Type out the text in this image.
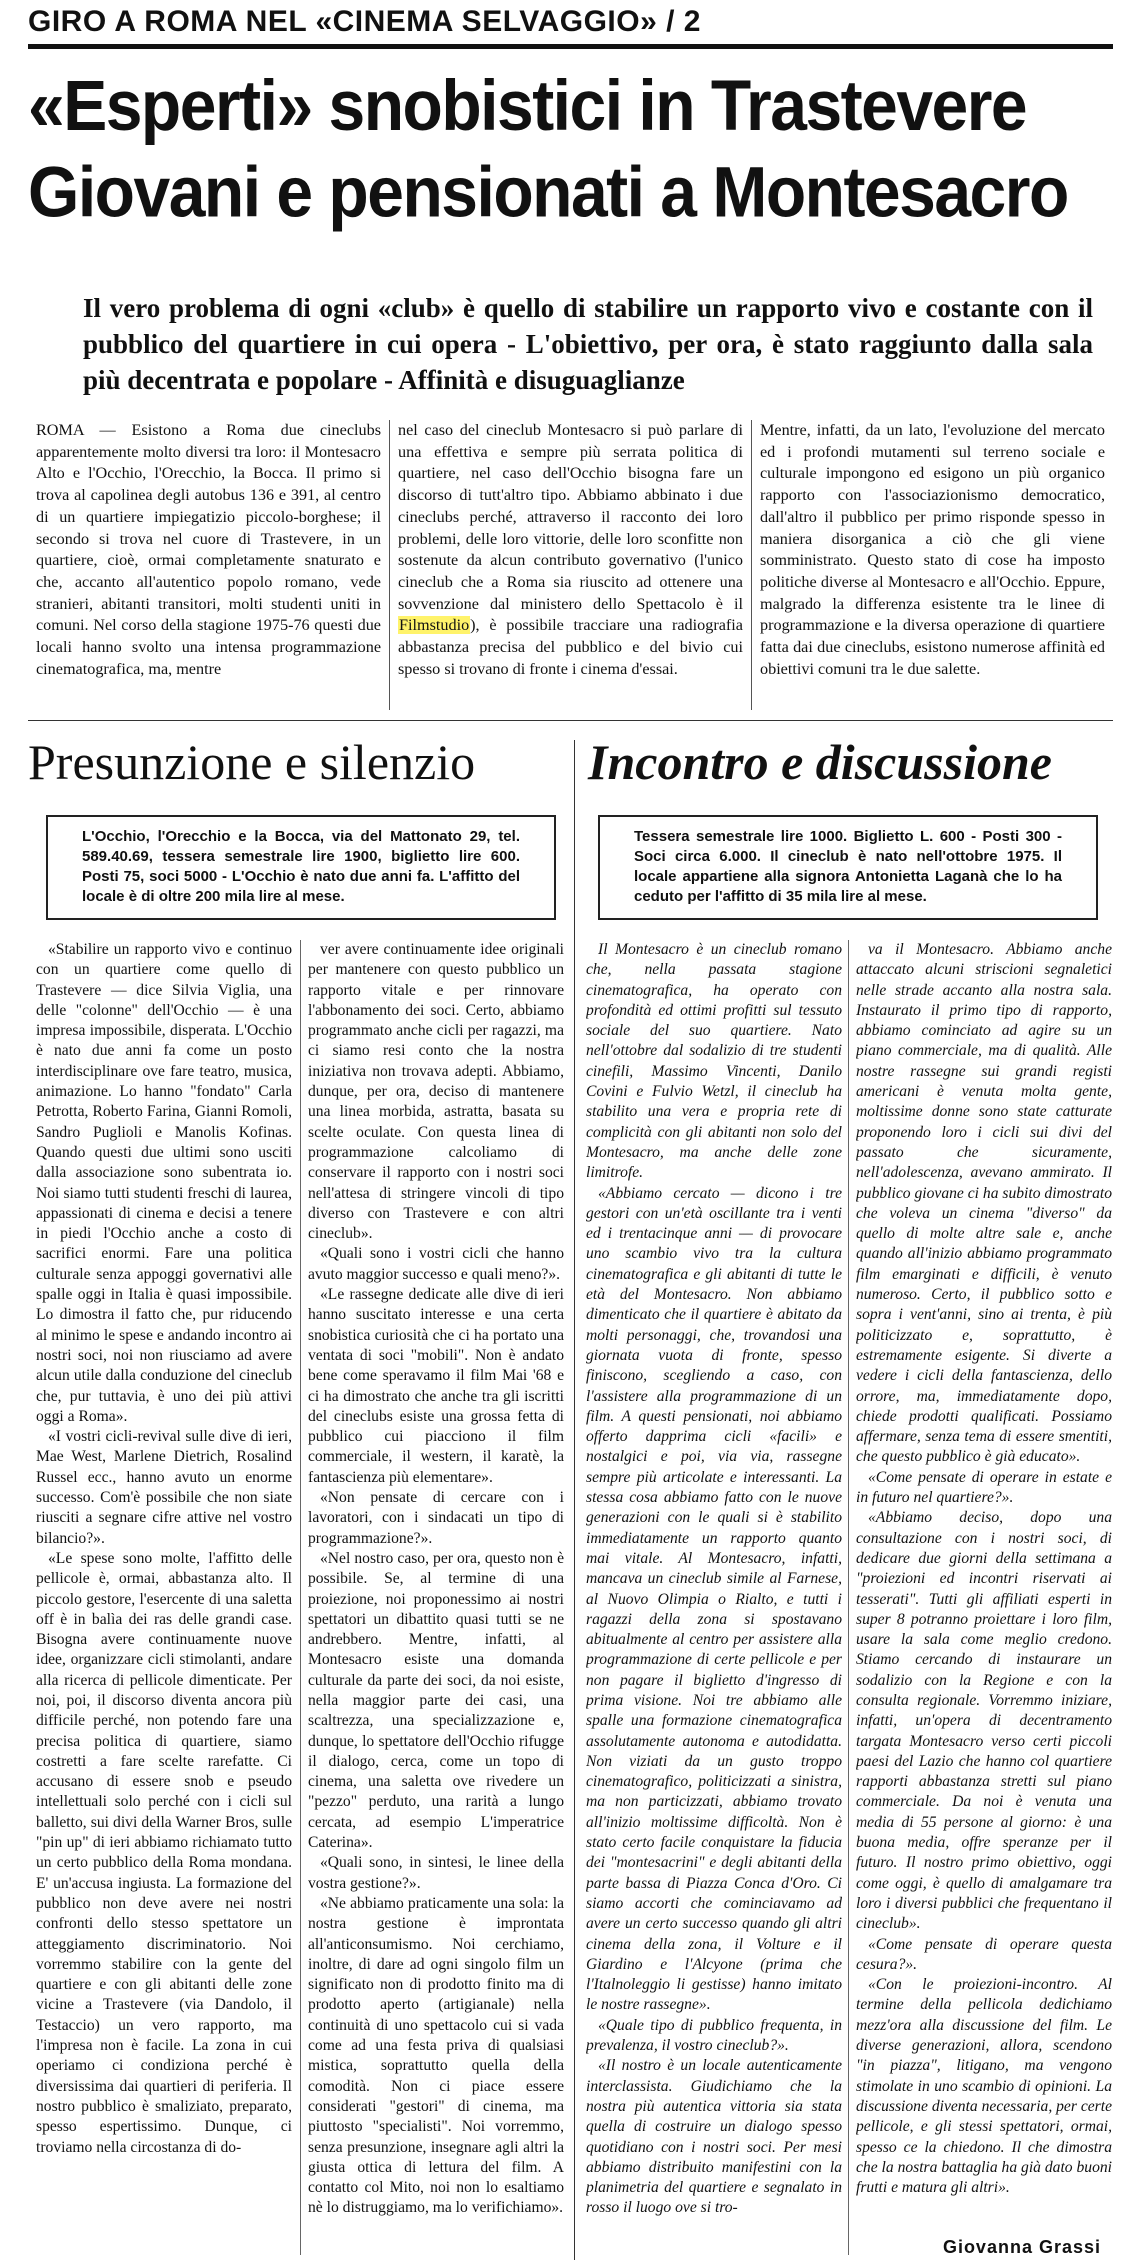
GIRO A ROMA NEL «CINEMA SELVAGGIO» / 2
«Esperti» snobistici in Trastevere
Giovani e pensionati a Montesacro
Il vero problema di ogni «club» è quello di stabilire un rapporto vivo e costante con il pubblico del quartiere in cui opera - L'obiettivo, per ora, è stato raggiunto dalla sala più decentrata e popolare - Affinità e disuguaglianze
ROMA — Esistono a Roma due cineclubs apparentemente molto diversi tra loro: il Montesacro Alto e l'Occhio, l'Orecchio, la Bocca. Il primo si trova al capolinea degli autobus 136 e 391, al centro di un quartiere impiegatizio piccolo-borghese; il secondo si trova nel cuore di Trastevere, in un quartiere, cioè, ormai completamente snaturato e che, accanto all'autentico popolo romano, vede stranieri, abitanti transitori, molti studenti uniti in comuni. Nel corso della stagione 1975-76 questi due locali hanno svolto una intensa programmazione cinematografica, ma, mentre
nel caso del cineclub Montesacro si può parlare di una effettiva e sempre più serrata politica di quartiere, nel caso dell'Occhio bisogna fare un discorso di tutt'altro tipo. Abbiamo abbinato i due cineclubs perché, attraverso il racconto dei loro problemi, delle loro vittorie, delle loro sconfitte non sostenute da alcun contributo governativo (l'unico cineclub che a Roma sia riuscito ad ottenere una sovvenzione dal ministero dello Spettacolo è il Filmstudio), è possibile tracciare una radiografia abbastanza precisa del pubblico e del bivio cui spesso si trovano di fronte i cinema d'essai.
Mentre, infatti, da un lato, l'evoluzione del mercato ed i profondi mutamenti sul terreno sociale e culturale impongono ed esigono un più organico rapporto con l'associazionismo democratico, dall'altro il pubblico per primo risponde spesso in maniera disorganica a ciò che gli viene somministrato. Questo stato di cose ha imposto politiche diverse al Montesacro e all'Occhio. Eppure, malgrado la differenza esistente tra le linee di programmazione e la diversa operazione di quartiere fatta dai due cineclubs, esistono numerose affinità ed obiettivi comuni tra le due salette.
Presunzione e silenzio Incontro e discussione
L'Occhio, l'Orecchio e la Bocca, via del Mattonato 29, tel. 589.40.69, tessera semestrale lire 1900, biglietto lire 600. Posti 75, soci 5000 - L'Occhio è nato due anni fa. L'affitto del locale è di oltre 200 mila lire al mese.
Tessera semestrale lire 1000. Biglietto L. 600 - Posti 300 - Soci circa 6.000. Il cineclub è nato nell'ottobre 1975. Il locale appartiene alla signora Antonietta Laganà che lo ha ceduto per l'affitto di 35 mila lire al mese.

«Stabilire un rapporto vivo e continuo con un quartiere come quello di Trastevere — dice Silvia Viglia, una delle "colonne" dell'Occhio — è una impresa impossibile, disperata. L'Occhio è nato due anni fa come un posto interdisciplinare ove fare teatro, musica, animazione. Lo hanno "fondato" Carla Petrotta, Roberto Farina, Gianni Romoli, Sandro Puglioli e Manolis Kofinas. Quando questi due ultimi sono usciti dalla associazione sono subentrata io. Noi siamo tutti studenti freschi di laurea, appassionati di cinema e decisi a tenere in piedi l'Occhio anche a costo di sacrifici enormi. Fare una politica culturale senza appoggi governativi alle spalle oggi in Italia è quasi impossibile. Lo dimostra il fatto che, pur riducendo al minimo le spese e andando incontro ai nostri soci, noi non riusciamo ad avere alcun utile dalla conduzione del cineclub che, pur tuttavia, è uno dei più attivi oggi a Roma».

«I vostri cicli-revival sulle dive di ieri, Mae West, Marlene Dietrich, Rosalind Russel ecc., hanno avuto un enorme successo. Com'è possibile che non siate riusciti a segnare cifre attive nel vostro bilancio?».

«Le spese sono molte, l'affitto delle pellicole è, ormai, abbastanza alto. Il piccolo gestore, l'esercente di una saletta off è in balìa dei ras delle grandi case. Bisogna avere continuamente nuove idee, organizzare cicli stimolanti, andare alla ricerca di pellicole dimenticate. Per noi, poi, il discorso diventa ancora più difficile perché, non potendo fare una precisa politica di quartiere, siamo costretti a fare scelte rarefatte. Ci accusano di essere snob e pseudo intellettuali solo perché con i cicli sul balletto, sui divi della Warner Bros, sulle "pin up" di ieri abbiamo richiamato tutto un certo pubblico della Roma mondana. E' un'accusa ingiusta. La formazione del pubblico non deve avere nei nostri confronti dello stesso spettatore un atteggiamento discriminatorio. Noi vorremmo stabilire con la gente del quartiere e con gli abitanti delle zone vicine a Trastevere (via Dandolo, il Testaccio) un vero rapporto, ma l'impresa non è facile. La zona in cui operiamo ci condiziona perché è diversissima dai quartieri di periferia. Il nostro pubblico è smaliziato, preparato, spesso espertissimo. Dunque, ci troviamo nella circostanza di do-

ver avere continuamente idee originali per mantenere con questo pubblico un rapporto vitale e per rinnovare l'abbonamento dei soci. Certo, abbiamo programmato anche cicli per ragazzi, ma ci siamo resi conto che la nostra iniziativa non trovava adepti. Abbiamo, dunque, per ora, deciso di mantenere una linea morbida, astratta, basata su scelte oculate. Con questa linea di programmazione calcoliamo di conservare il rapporto con i nostri soci nell'attesa di stringere vincoli di tipo diverso con Trastevere e con altri cineclub».

«Quali sono i vostri cicli che hanno avuto maggior successo e quali meno?».

«Le rassegne dedicate alle dive di ieri hanno suscitato interesse e una certa snobistica curiosità che ci ha portato una ventata di soci "mobili". Non è andato bene come speravamo il film Mai '68 e ci ha dimostrato che anche tra gli iscritti del cineclubs esiste una grossa fetta di pubblico cui piacciono il film commerciale, il western, il karatè, la fantascienza più elementare».

«Non pensate di cercare con i lavoratori, con i sindacati un tipo di programmazione?».

«Nel nostro caso, per ora, questo non è possibile. Se, al termine di una proiezione, noi proponessimo ai nostri spettatori un dibattito quasi tutti se ne andrebbero. Mentre, infatti, al Montesacro esiste una domanda culturale da parte dei soci, da noi esiste, nella maggior parte dei casi, una scaltrezza, una specializzazione e, dunque, lo spettatore dell'Occhio rifugge il dialogo, cerca, come un topo di cinema, una saletta ove rivedere un "pezzo" perduto, una rarità a lungo cercata, ad esempio L'imperatrice Caterina».

«Quali sono, in sintesi, le linee della vostra gestione?».

«Ne abbiamo praticamente una sola: la nostra gestione è improntata all'anticonsumismo. Noi cerchiamo, inoltre, di dare ad ogni singolo film un significato non di prodotto finito ma di prodotto aperto (artigianale) nella continuità di uno spettacolo cui si vada come ad una festa priva di qualsiasi mistica, soprattutto quella della comodità. Non ci piace essere considerati "gestori" di cinema, ma piuttosto "specialisti". Noi vorremmo, senza presunzione, insegnare agli altri la giusta ottica di lettura del film. A contatto col Mito, noi non lo esaltiamo nè lo distruggiamo, ma lo verifichiamo».

Il Montesacro è un cineclub romano che, nella passata stagione cinematografica, ha operato con profondità ed ottimi profitti sul tessuto sociale del suo quartiere. Nato nell'ottobre dal sodalizio di tre studenti cinefili, Massimo Vincenti, Danilo Covini e Fulvio Wetzl, il cineclub ha stabilito una vera e propria rete di complicità con gli abitanti non solo del Montesacro, ma anche delle zone limitrofe.

«Abbiamo cercato — dicono i tre gestori con un'età oscillante tra i venti ed i trentacinque anni — di provocare uno scambio vivo tra la cultura cinematografica e gli abitanti di tutte le età del Montesacro. Non abbiamo dimenticato che il quartiere è abitato da molti personaggi, che, trovandosi una giornata vuota di fronte, spesso finiscono, scegliendo a caso, con l'assistere alla programmazione di un film. A questi pensionati, noi abbiamo offerto dapprima cicli «facili» e nostalgici e poi, via via, rassegne sempre più articolate e interessanti. La stessa cosa abbiamo fatto con le nuove generazioni con le quali si è stabilito immediatamente un rapporto quanto mai vitale. Al Montesacro, infatti, mancava un cineclub simile al Farnese, al Nuovo Olimpia o Rialto, e tutti i ragazzi della zona si spostavano abitualmente al centro per assistere alla programmazione di certe pellicole e per non pagare il biglietto d'ingresso di prima visione. Noi tre abbiamo alle spalle una formazione cinematografica assolutamente autonoma e autodidatta. Non viziati da un gusto troppo cinematografico, politicizzati a sinistra, ma non particizzati, abbiamo trovato all'inizio moltissime difficoltà. Non è stato certo facile conquistare la fiducia dei "montesacrini" e degli abitanti della parte bassa di Piazza Conca d'Oro. Ci siamo accorti che cominciavamo ad avere un certo successo quando gli altri cinema della zona, il Volture e il Giardino e l'Alcyone (prima che l'Italnoleggio li gestisse) hanno imitato le nostre rassegne».

«Quale tipo di pubblico frequenta, in prevalenza, il vostro cineclub?».

«Il nostro è un locale autenticamente interclassista. Giudichiamo che la nostra più autentica vittoria sia stata quella di costruire un dialogo spesso quotidiano con i nostri soci. Per mesi abbiamo distribuito manifestini con la planimetria del quartiere e segnalato in rosso il luogo ove si tro-

va il Montesacro. Abbiamo anche attaccato alcuni striscioni segnaletici nelle strade accanto alla nostra sala. Instaurato il primo tipo di rapporto, abbiamo cominciato ad agire su un piano commerciale, ma di qualità. Alle nostre rassegne sui grandi registi americani è venuta molta gente, moltissime donne sono state catturate proponendo loro i cicli sui divi del passato che sicuramente, nell'adolescenza, avevano ammirato. Il pubblico giovane ci ha subito dimostrato che voleva un cinema "diverso" da quello di molte altre sale e, anche quando all'inizio abbiamo programmato film emarginati e difficili, è venuto numeroso. Certo, il pubblico sotto e sopra i vent'anni, sino ai trenta, è più politicizzato e, soprattutto, è estremamente esigente. Si diverte a vedere i cicli della fantascienza, dello orrore, ma, immediatamente dopo, chiede prodotti qualificati. Possiamo affermare, senza tema di essere smentiti, che questo pubblico è già educato».

«Come pensate di operare in estate e in futuro nel quartiere?».

«Abbiamo deciso, dopo una consultazione con i nostri soci, di dedicare due giorni della settimana a "proiezioni ed incontri riservati ai tesserati". Tutti gli affiliati esperti in super 8 potranno proiettare i loro film, usare la sala come meglio credono. Stiamo cercando di instaurare un sodalizio con la Regione e con la consulta regionale. Vorremmo iniziare, infatti, un'opera di decentramento targata Montesacro verso certi piccoli paesi del Lazio che hanno col quartiere rapporti abbastanza stretti sul piano commerciale. Da noi è venuta una media di 55 persone al giorno: è una buona media, offre speranze per il futuro. Il nostro primo obiettivo, oggi come oggi, è quello di amalgamare tra loro i diversi pubblici che frequentano il cineclub».

«Come pensate di operare questa cesura?».

«Con le proiezioni-incontro. Al termine della pellicola dedichiamo mezz'ora alla discussione del film. Le diverse generazioni, allora, scendono "in piazza", litigano, ma vengono stimolate in uno scambio di opinioni. La discussione diventa necessaria, per certe pellicole, e gli stessi spettatori, ormai, spesso ce la chiedono. Il che dimostra che la nostra battaglia ha già dato buoni frutti e matura gli altri».

Giovanna Grassi
